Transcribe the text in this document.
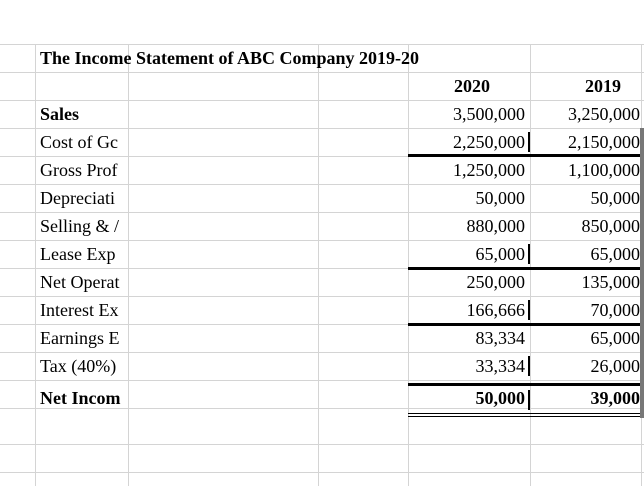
The Income Statement of ABC Company 2019-20
2020	2019
Sales	3,500,000	3,250,000
Cost of Gc	2,250,000	2,150,000
Gross Prof	1,250,000	1,100,000
Depreciati	50,000	50,000
Selling & /	880,000	850,000
Lease Exp	65,000	65,000
Net Operat	250,000	135,000
Interest Ex	166,666	70,000
Earnings E	83,334	65,000
Tax (40%)	33,334	26,000
Net Incom	50,000	39,000
